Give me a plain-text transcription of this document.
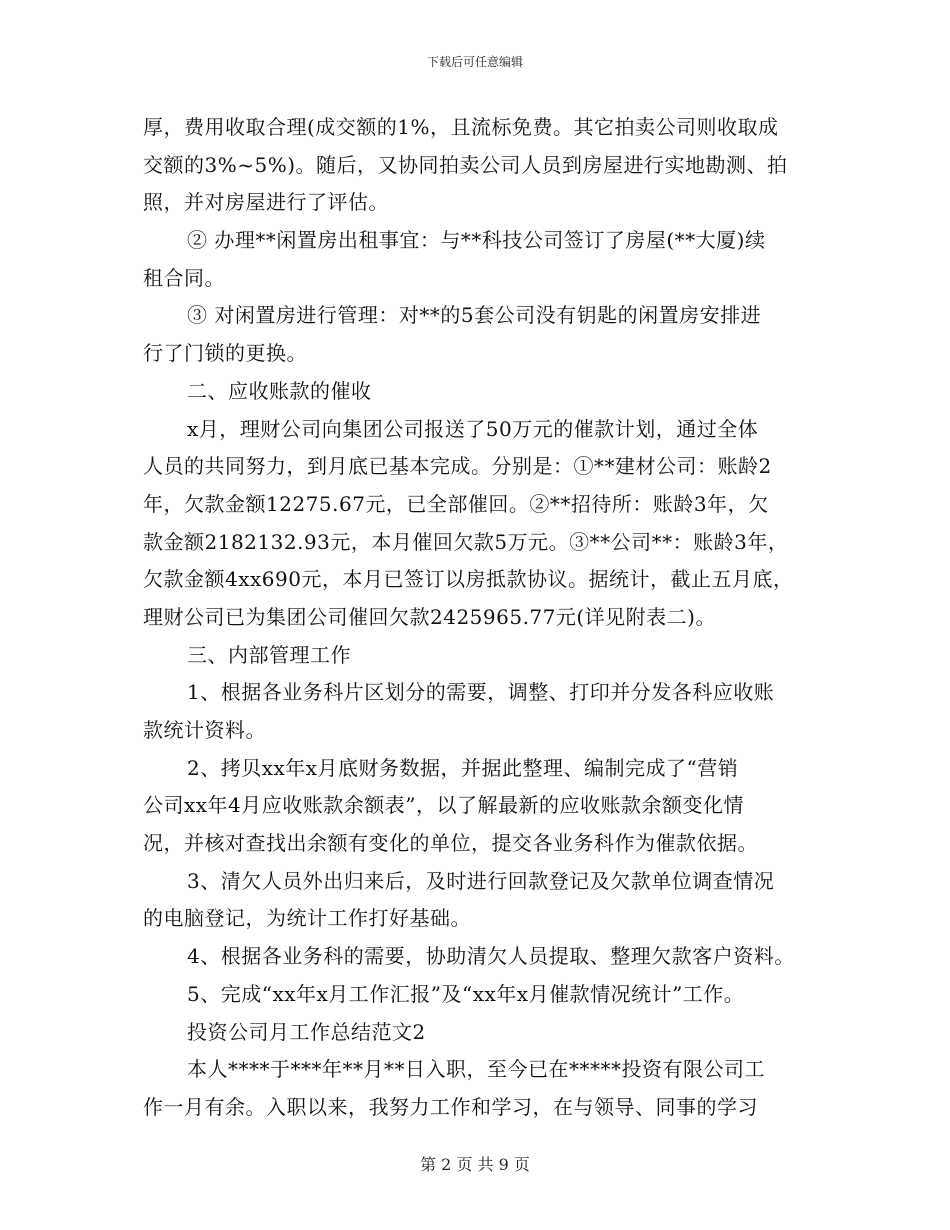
下载后可任意编辑
厚，费用收取合理(成交额的1%，且流标免费。其它拍卖公司则收取成
交额的3%~5%)。随后，又协同拍卖公司人员到房屋进行实地勘测、拍
照，并对房屋进行了评估。
② 办理**闲置房出租事宜：与**科技公司签订了房屋(**大厦)续
租合同。
③ 对闲置房进行管理：对**的5套公司没有钥匙的闲置房安排进
行了门锁的更换。
二、应收账款的催收
x月，理财公司向集团公司报送了50万元的催款计划，通过全体
人员的共同努力，到月底已基本完成。分别是：①**建材公司：账龄2
年，欠款金额12275.67元，已全部催回。②**招待所：账龄3年，欠
款金额2182132.93元，本月催回欠款5万元。③**公司**：账龄3年，
欠款金额4xx690元，本月已签订以房抵款协议。据统计，截止五月底，
理财公司已为集团公司催回欠款2425965.77元(详见附表二)。
三、内部管理工作
1、根据各业务科片区划分的需要，调整、打印并分发各科应收账
款统计资料。
2、拷贝xx年x月底财务数据，并据此整理、编制完成了“营销
公司xx年4月应收账款余额表”，以了解最新的应收账款余额变化情
况，并核对查找出余额有变化的单位，提交各业务科作为催款依据。
3、清欠人员外出归来后，及时进行回款登记及欠款单位调查情况
的电脑登记，为统计工作打好基础。
4、根据各业务科的需要，协助清欠人员提取、整理欠款客户资料。
5、完成“xx年x月工作汇报”及“xx年x月催款情况统计”工作。
投资公司月工作总结范文2
本人****于***年**月**日入职，至今已在*****投资有限公司工
作一月有余。入职以来，我努力工作和学习，在与领导、同事的学习
第 2 页 共 9 页
